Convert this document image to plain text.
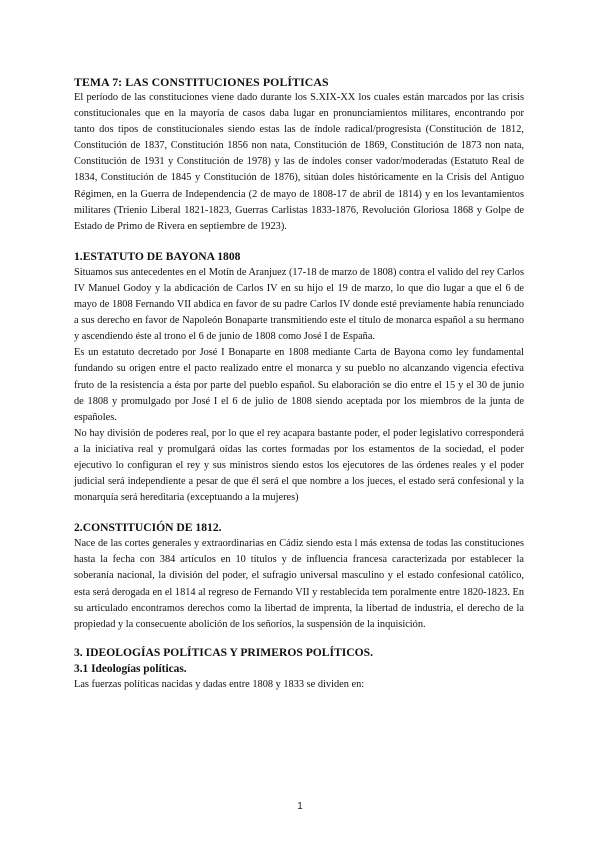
TEMA 7: LAS CONSTITUCIONES POLÍTICAS

El período de las constituciones viene dado durante los S.XIX-XX los cuales están marcados por las crisis constitucionales que en la mayoría de casos daba lugar en pronunciamientos militares, encontrando por tanto dos tipos de constitucionales siendo estas las de índole radical/progresista (Constitución de 1812, Constitución de 1837, Constitución 1856 non nata, Constitución de 1869, Constitución de 1873 non nata, Constitución de 1931 y Constitución de 1978) y las de índoles conser vador/moderadas (Estatuto Real de 1834, Constitución de 1845 y Constitución de 1876), sitúan doles históricamente en la Crisis del Antiguo Régimen, en la Guerra de Independencia (2 de mayo de 1808-17 de abril de 1814) y en los levantamientos militares (Trienio Liberal 1821-1823, Guerras Carlistas 1833-1876, Revolución Gloriosa 1868 y Golpe de Estado de Primo de Rivera en septiembre de 1923).

1.ESTATUTO DE BAYONA 1808

Situamos sus antecedentes en el Motín de Aranjuez (17-18 de marzo de 1808) contra el valido del rey Carlos IV Manuel Godoy y la abdicación de Carlos IV en su hijo el 19 de marzo, lo que dio lugar a que el 6 de mayo de 1808 Fernando VII abdica en favor de su padre Carlos IV donde esté previamente había renunciado a sus derecho en favor de Napoleón Bonaparte transmitiendo este el título de monarca español a su hermano y ascendiendo éste al trono el 6 de junio de 1808 como José I de España.

Es un estatuto decretado por José I Bonaparte en 1808 mediante Carta de Bayona como ley fundamental fundando su origen entre el pacto realizado entre el monarca y su pueblo no alcanzando vigencia efectiva fruto de la resistencia a ésta por parte del pueblo español. Su elaboración se dio entre el 15 y el 30 de junio de 1808 y promulgado por José I el 6 de julio de 1808 siendo aceptada por los miembros de la junta de españoles.

No hay división de poderes real, por lo que el rey acapara bastante poder, el poder legislativo corresponderá a la iniciativa real y promulgará oídas las cortes formadas por los estamentos de la sociedad, el poder ejecutivo lo configuran el rey y sus ministros siendo estos los ejecutores de las órdenes reales y el poder judicial será independiente a pesar de que él será el que nombre a los jueces, el estado será confesional y la monarquía será hereditaria (exceptuando a la mujeres)

2.CONSTITUCIÓN DE 1812.

Nace de las cortes generales y extraordinarias en Cádiz siendo esta l más extensa de todas las constituciones hasta la fecha con 384 artículos en 10 títulos y de influencia francesa caracterizada por establecer la soberanía nacional, la división del poder, el sufragio universal masculino y el estado confesional católico, esta será derogada en el 1814 al regreso de Fernando VII y restablecida tem poralmente entre 1820-1823. En su articulado encontramos derechos como la libertad de imprenta, la libertad de industria, el derecho de la propiedad y la consecuente abolición de los señoríos, la suspensión de la inquisición.

3. IDEOLOGÍAS POLÍTICAS Y PRIMEROS POLÍTICOS.
3.1 Ideologías políticas.

Las fuerzas políticas nacidas y dadas entre 1808 y 1833 se dividen en:

1
